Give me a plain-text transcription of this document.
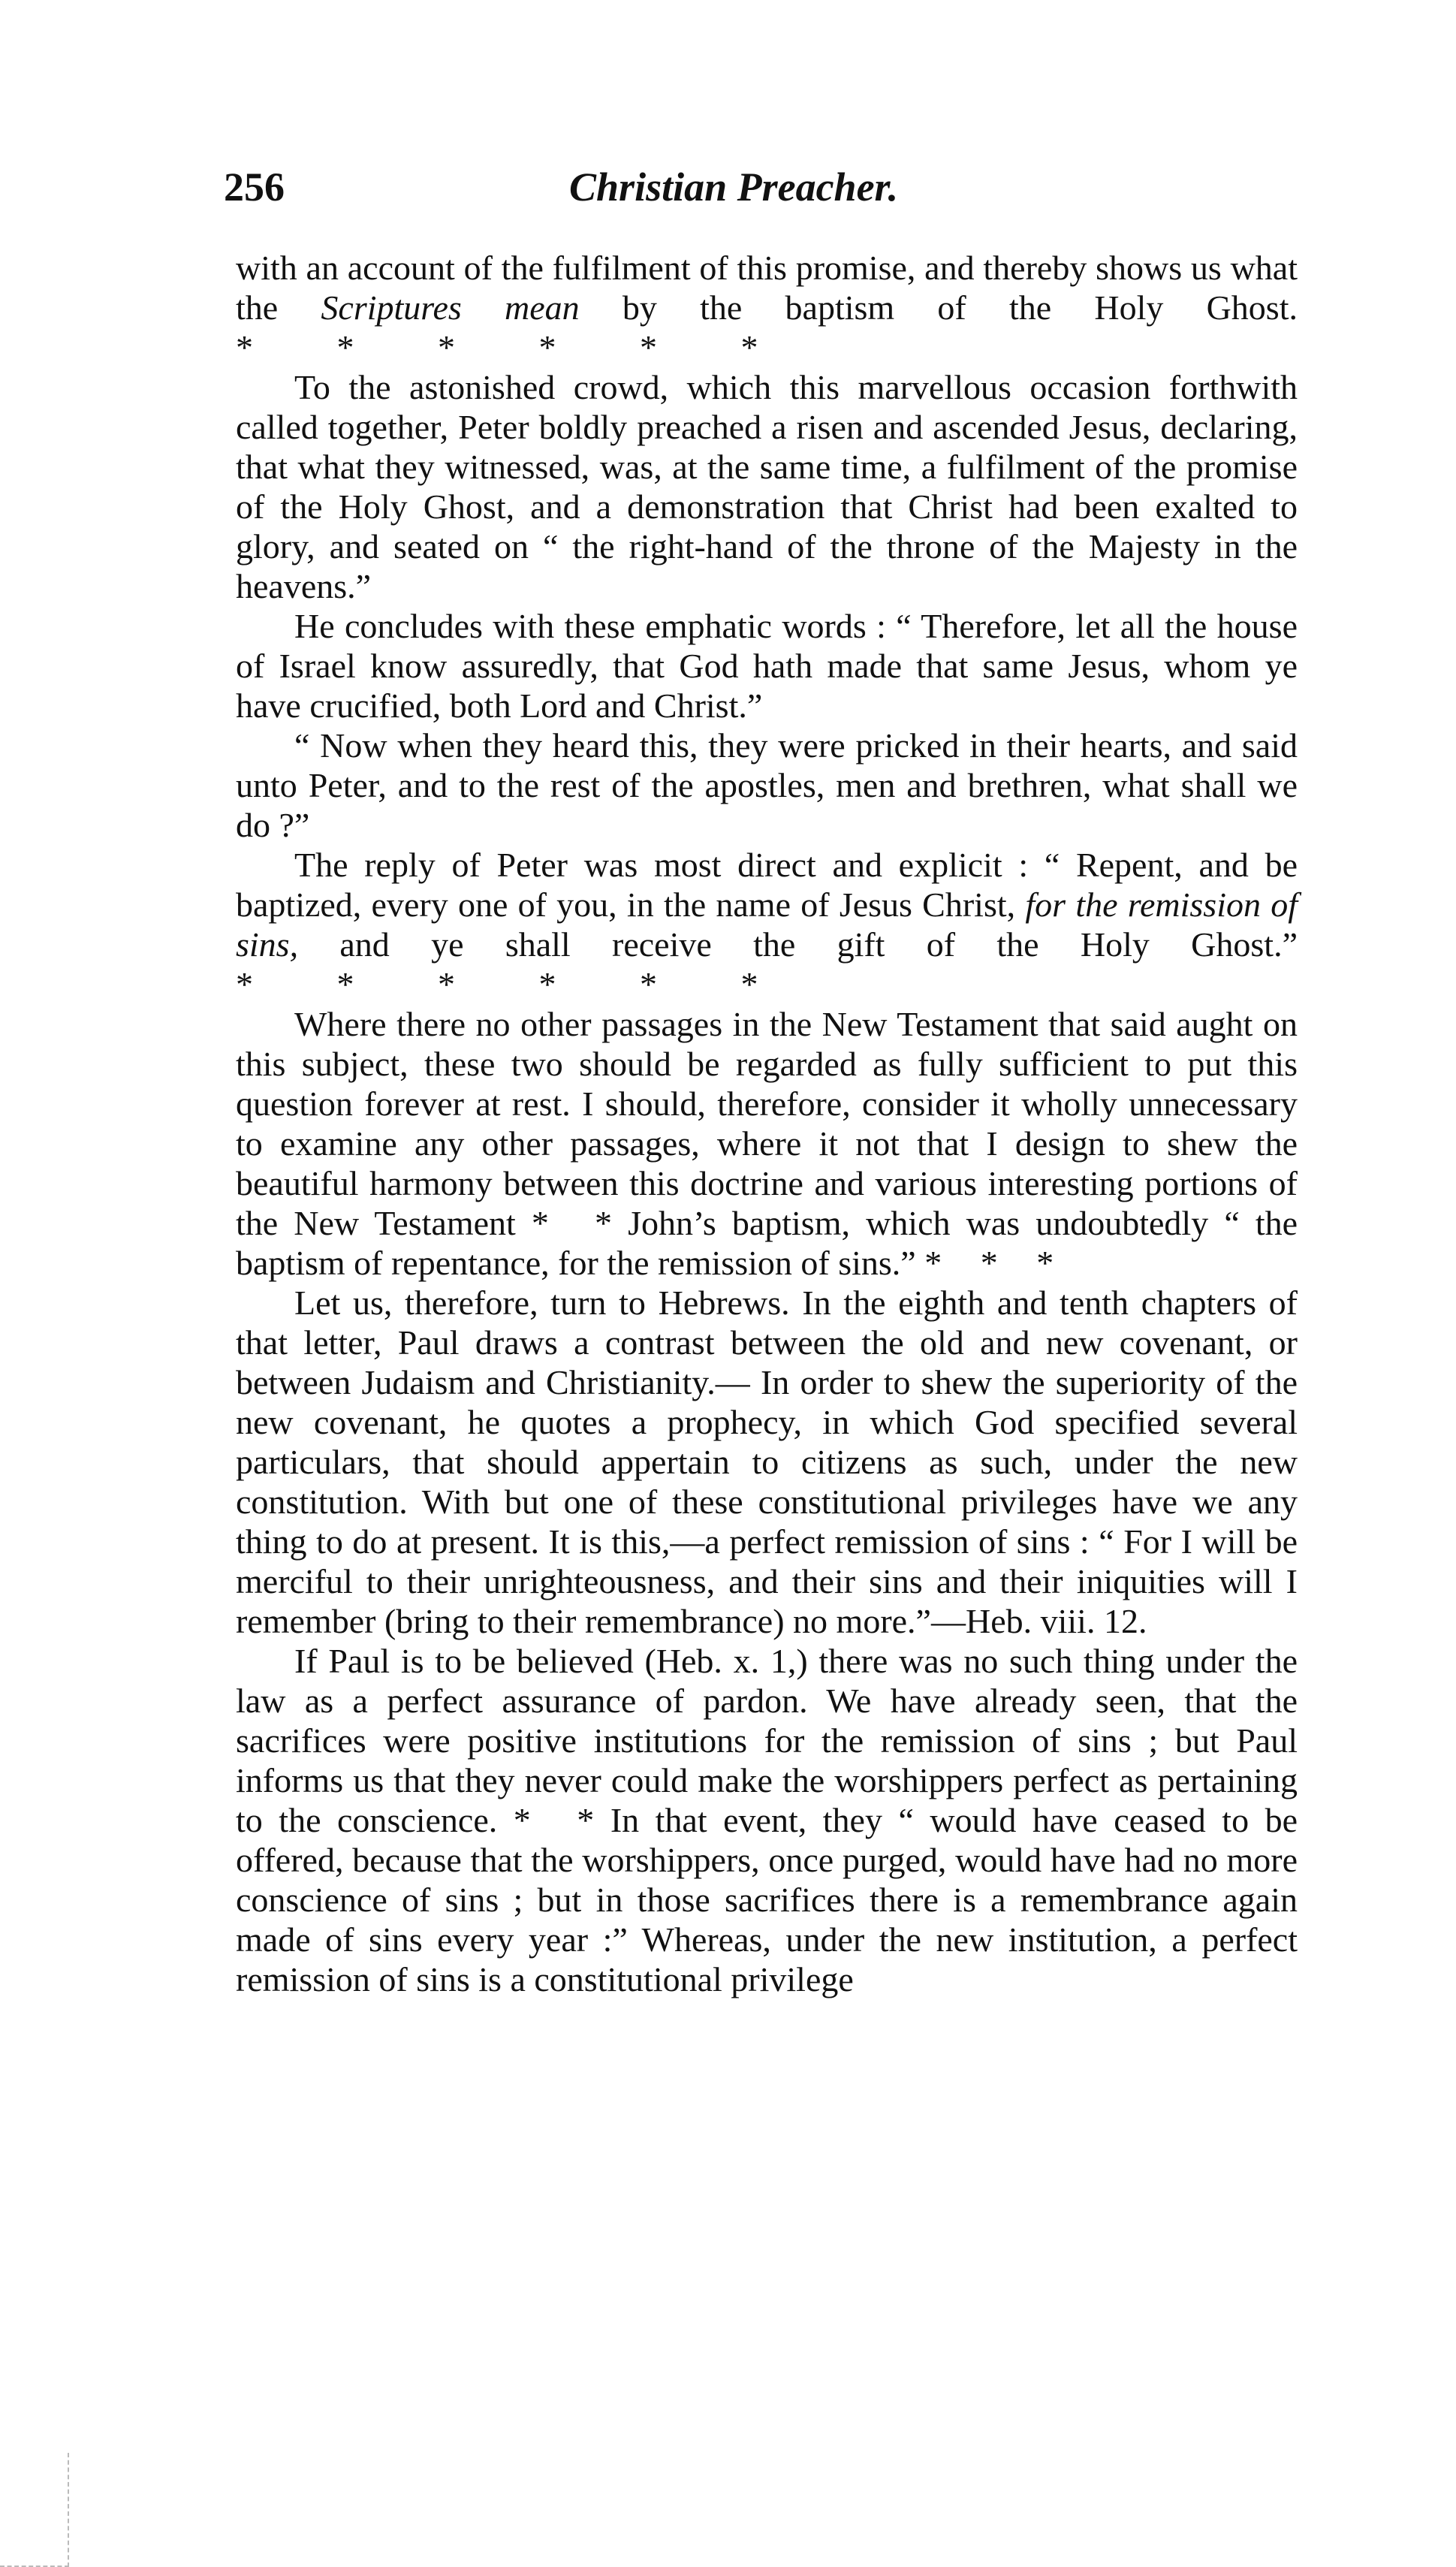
256	Christian Preacher.

with an account of the fulfilment of this promise, and thereby shows us what the Scriptures mean by the baptism of the Holy Ghost. * * * * * *

To the astonished crowd, which this marvellous occasion forthwith called together, Peter boldly preached a risen and ascended Jesus, declaring, that what they witnessed, was, at the same time, a fulfilment of the promise of the Holy Ghost, and a demonstration that Christ had been exalted to glory, and seated on “ the right-hand of the throne of the Majesty in the heavens.”

He concludes with these emphatic words : “ Therefore, let all the house of Israel know assuredly, that God hath made that same Jesus, whom ye have crucified, both Lord and Christ.”

“ Now when they heard this, they were pricked in their hearts, and said unto Peter, and to the rest of the apostles, men and brethren, what shall we do ?”

The reply of Peter was most direct and explicit : “ Repent, and be baptized, every one of you, in the name of Jesus Christ, for the remission of sins, and ye shall receive the gift of the Holy Ghost.” * * * * * *

Where there no other passages in the New Testament that said aught on this subject, these two should be regarded as fully sufficient to put this question forever at rest. I should, therefore, consider it wholly unnecessary to examine any other passages, where it not that I design to shew the beautiful harmony between this doctrine and various interesting portions of the New Testament * * John’s baptism, which was undoubtedly “ the baptism of repentance, for the remission of sins.” * * *

Let us, therefore, turn to Hebrews. In the eighth and tenth chapters of that letter, Paul draws a contrast between the old and new covenant, or between Judaism and Christianity.— In order to shew the superiority of the new covenant, he quotes a prophecy, in which God specified several particulars, that should appertain to citizens as such, under the new constitution. With but one of these constitutional privileges have we any thing to do at present. It is this,—a perfect remission of sins : “ For I will be merciful to their unrighteousness, and their sins and their iniquities will I remember (bring to their remembrance) no more.”—Heb. viii. 12.

If Paul is to be believed (Heb. x. 1,) there was no such thing under the law as a perfect assurance of pardon. We have already seen, that the sacrifices were positive institutions for the remission of sins ; but Paul informs us that they never could make the worshippers perfect as pertaining to the conscience. * * In that event, they “ would have ceased to be offered, because that the worshippers, once purged, would have had no more conscience of sins ; but in those sacrifices there is a remembrance again made of sins every year :” Whereas, under the new institution, a perfect remission of sins is a constitutional privilege
